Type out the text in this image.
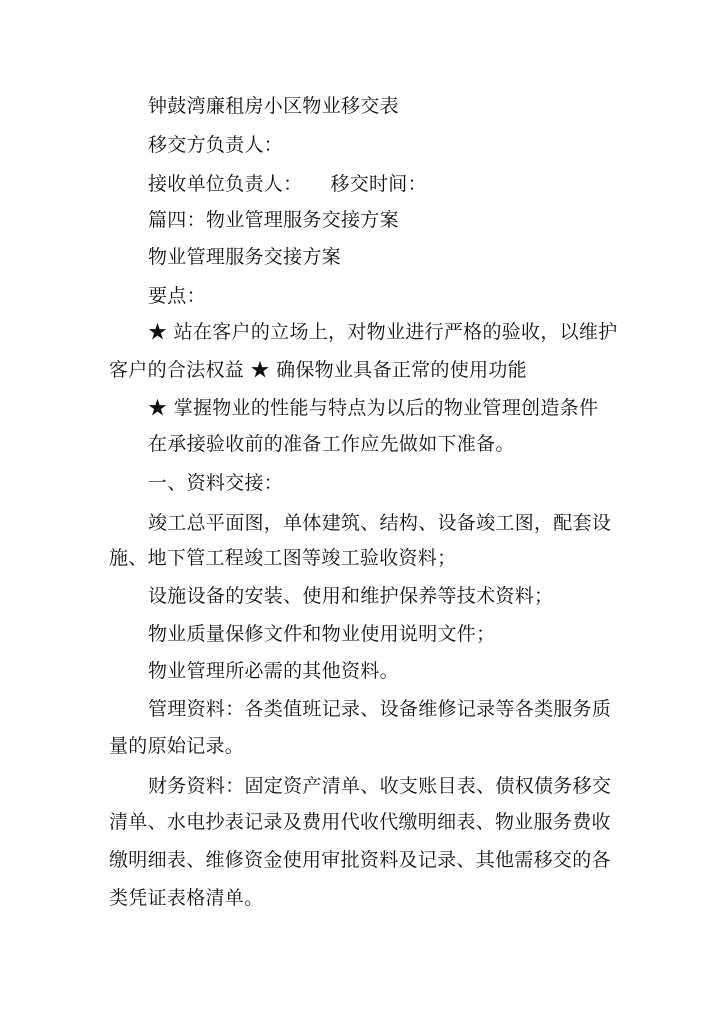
钟鼓湾廉租房小区物业移交表
移交方负责人：
接收单位负责人： 移交时间：
篇四：物业管理服务交接方案
物业管理服务交接方案
要点：
★ 站在客户的立场上，对物业进行严格的验收，以维护
客户的合法权益 ★ 确保物业具备正常的使用功能
★ 掌握物业的性能与特点为以后的物业管理创造条件
在承接验收前的准备工作应先做如下准备。
一、资料交接：
竣工总平面图，单体建筑、结构、设备竣工图，配套设
施、地下管工程竣工图等竣工验收资料；
设施设备的安装、使用和维护保养等技术资料；
物业质量保修文件和物业使用说明文件；
物业管理所必需的其他资料。
管理资料：各类值班记录、设备维修记录等各类服务质
量的原始记录。
财务资料：固定资产清单、收支账目表、债权债务移交
清单、水电抄表记录及费用代收代缴明细表、物业服务费收
缴明细表、维修资金使用审批资料及记录、其他需移交的各
类凭证表格清单。
